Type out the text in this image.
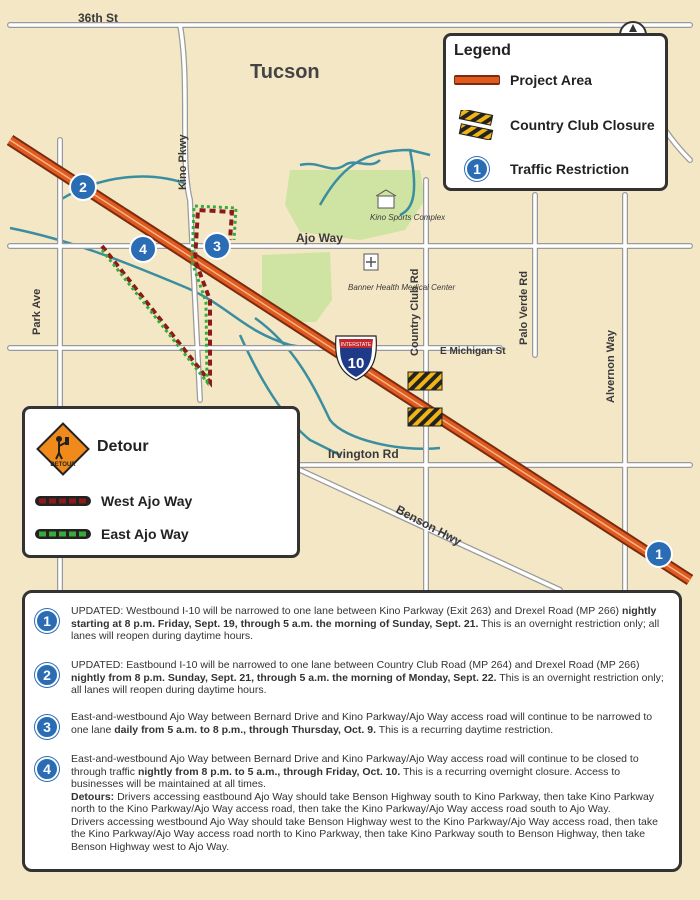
INTERSTATE
10
Tucson
36th St
Ajo Way
E Michigan St
Irvington Rd
Benson Hwy
Kino Pkwy
Park Ave	Country Club Rd	Palo Verde Rd
Alvernon Way
Kino Sports Complex
Banner Health Medical Center
1
2
3
4
Legend
Project Area
Country Club Closure
1	Traffic Restriction
DETOUR
Detour
West Ajo Way
East Ajo Way
1

UPDATED: Westbound I-10 will be narrowed to one lane between Kino Parkway (Exit 263) and Drexel Road (MP 266) nightly starting at 8 p.m. Friday, Sept. 19, through 5 a.m. the morning of Sunday, Sept. 21. This is an overnight restriction only; all lanes will reopen during daytime hours.

2

UPDATED: Eastbound I-10 will be narrowed to one lane between Country Club Road (MP 264) and Drexel Road (MP 266) nightly from 8 p.m. Sunday, Sept. 21, through 5 a.m. the morning of Monday, Sept. 22. This is an overnight restriction only; all lanes will reopen during daytime hours.

3

East-and-westbound Ajo Way between Bernard Drive and Kino Parkway/Ajo Way access road will continue to be narrowed to one lane daily from 5 a.m. to 8 p.m., through Thursday, Oct. 9. This is a recurring daytime restriction.

4

East-and-westbound Ajo Way between Bernard Drive and Kino Parkway/Ajo Way access road will continue to be closed to through traffic nightly from 8 p.m. to 5 a.m., through Friday, Oct. 10. This is a recurring overnight closure. Access to businesses will be maintained at all times.

Detours: Drivers accessing eastbound Ajo Way should take Benson Highway south to Kino Parkway, then take Kino Parkway north to the Kino Parkway/Ajo Way access road, then take the Kino Parkway/Ajo Way access road south to Ajo Way.

Drivers accessing westbound Ajo Way should take Benson Highway west to the Kino Parkway/Ajo Way access road, then take the Kino Parkway/Ajo Way access road north to Kino Parkway, then take Kino Parkway south to Benson Highway, then take Benson Highway west to Ajo Way.
